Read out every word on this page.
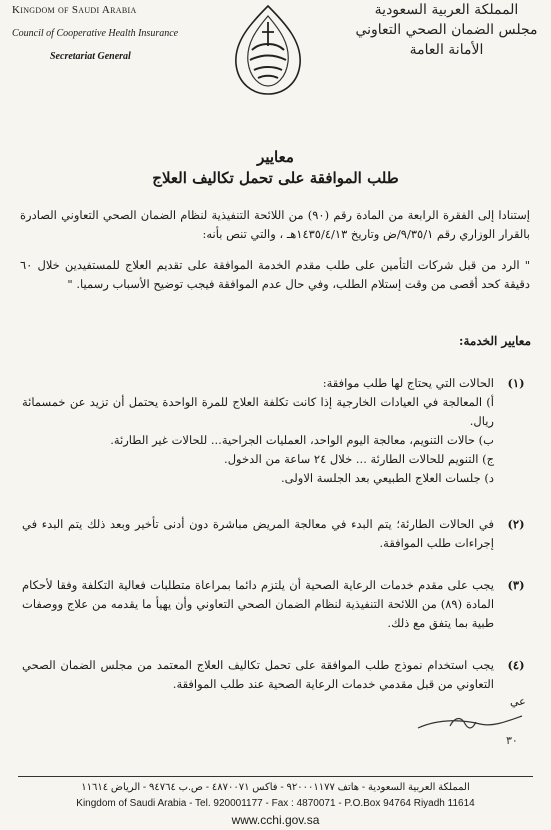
Kingdom of Saudi Arabia
Council of Cooperative Health Insurance
Secretariat General
المملكة العربية السعودية
مجلس الضمان الصحي التعاوني
الأمانة العامة
معايير
طلب الموافقة على تحمل تكاليف العلاج
إستنادا إلى الفقرة الرابعة من المادة رقم (٩٠) من اللائحة التنفيذية لنظام الضمان الصحي التعاوني الصادرة بالقرار الوزاري رقم ٩/٣٥/١/ض وتاريخ ١٤٣٥/٤/١٣هـ ، والتي تنص بأنه:
" الرد من قبل شركات التأمين على طلب مقدم الخدمة الموافقة على تقديم العلاج للمستفيدين خلال ٦٠ دقيقة كحد أقصى من وقت إستلام الطلب، وفي حال عدم الموافقة فيجب توضيح الأسباب رسميا. "
معايير الخدمة:
(١)
الحالات التي يحتاج لها طلب موافقة:
أ) المعالجة في العيادات الخارجية إذا كانت تكلفة العلاج للمرة الواحدة يحتمل أن تزيد عن خمسمائة ريال.
ب) حالات التنويم، معالجة اليوم الواحد، العمليات الجراحية... للحالات غير الطارئة.
ج) التنويم للحالات الطارئة ... خلال ٢٤ ساعة من الدخول.
د) جلسات العلاج الطبيعي بعد الجلسة الاولى.
(٢)
في الحالات الطارئة؛ يتم البدء في معالجة المريض مباشرة دون أدنى تأخير وبعد ذلك يتم البدء في إجراءات طلب الموافقة.
(٣)
يجب على مقدم خدمات الرعاية الصحية أن يلتزم دائما بمراعاة متطلبات فعالية التكلفة وفقا لأحكام المادة (٨٩) من اللائحة التنفيذية لنظام الضمان الصحي التعاوني وأن يهيأ ما يقدمه من علاج ووصفات طبية بما يتفق مع ذلك.
(٤)
يجب استخدام نموذج طلب الموافقة على تحمل تكاليف العلاج المعتمد من مجلس الضمان الصحي التعاوني من قبل مقدمي خدمات الرعاية الصحية عند طلب الموافقة.
عي
٣٠
المملكة العربية السعودية - هاتف ٩٢٠٠٠١١٧٧ - فاكس ٤٨٧٠٠٧١ - ص.ب ٩٤٧٦٤ - الرياض ١١٦١٤
Kingdom of Saudi Arabia - Tel. 920001177 - Fax : 4870071 - P.O.Box 94764 Riyadh 11614
www.cchi.gov.sa
